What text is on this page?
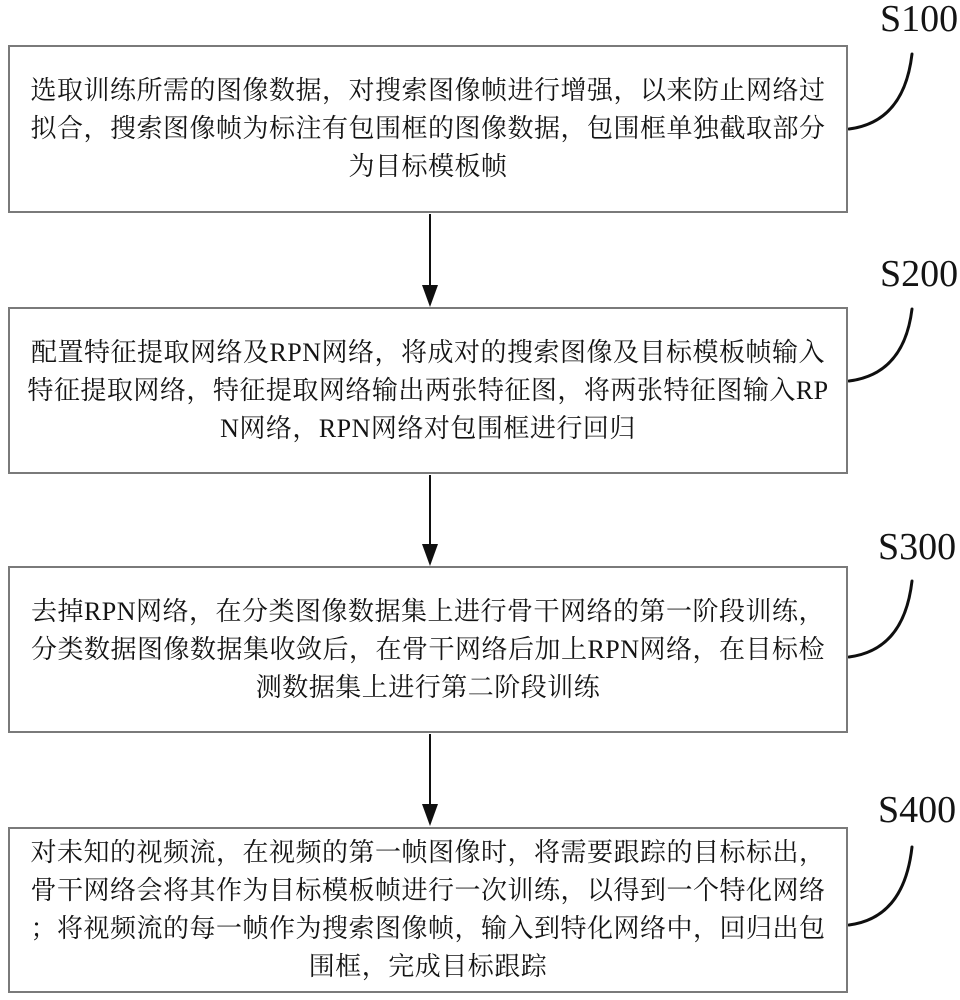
选取训练所需的图像数据，对搜索图像帧进行增强，以来防止网络过
拟合，搜索图像帧为标注有包围框的图像数据，包围框单独截取部分
为目标模板帧
S100
配置特征提取网络及RPN网络，将成对的搜索图像及目标模板帧输入
特征提取网络，特征提取网络输出两张特征图，将两张特征图输入RP
N网络，RPN网络对包围框进行回归
S200
去掉RPN网络，在分类图像数据集上进行骨干网络的第一阶段训练，
分类数据图像数据集收敛后，在骨干网络后加上RPN网络，在目标检
测数据集上进行第二阶段训练
S300
对未知的视频流，在视频的第一帧图像时，将需要跟踪的目标标出，
骨干网络会将其作为目标模板帧进行一次训练，以得到一个特化网络
；将视频流的每一帧作为搜索图像帧，输入到特化网络中，回归出包
围框，完成目标跟踪
S400
